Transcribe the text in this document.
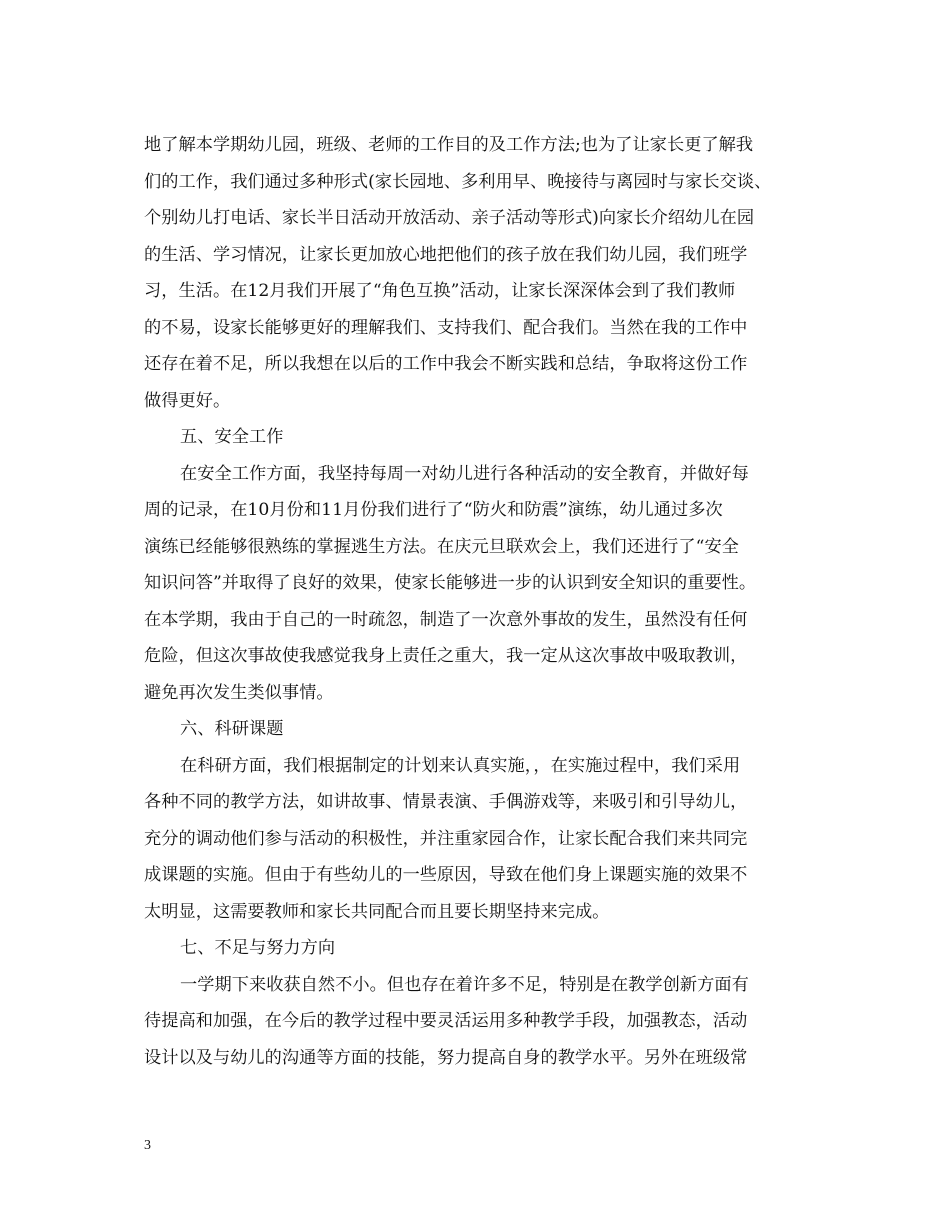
地了解本学期幼儿园，班级、老师的工作目的及工作方法;也为了让家长更了解我
们的工作，我们通过多种形式(家长园地、多利用早、晚接待与离园时与家长交谈、
个别幼儿打电话、家长半日活动开放活动、亲子活动等形式)向家长介绍幼儿在园
的生活、学习情况，让家长更加放心地把他们的孩子放在我们幼儿园，我们班学
习，生活。在12月我们开展了“角色互换”活动，让家长深深体会到了我们教师
的不易，设家长能够更好的理解我们、支持我们、配合我们。当然在我的工作中
还存在着不足，所以我想在以后的工作中我会不断实践和总结，争取将这份工作
做得更好。
五、安全工作
在安全工作方面，我坚持每周一对幼儿进行各种活动的安全教育，并做好每
周的记录，在10月份和11月份我们进行了“防火和防震”演练，幼儿通过多次
演练已经能够很熟练的掌握逃生方法。在庆元旦联欢会上，我们还进行了“安全
知识问答”并取得了良好的效果，使家长能够进一步的认识到安全知识的重要性。
在本学期，我由于自己的一时疏忽，制造了一次意外事故的发生，虽然没有任何
危险，但这次事故使我感觉我身上责任之重大，我一定从这次事故中吸取教训，
避免再次发生类似事情。
六、科研课题
在科研方面，我们根据制定的计划来认真实施，，在实施过程中，我们采用
各种不同的教学方法，如讲故事、情景表演、手偶游戏等，来吸引和引导幼儿，
充分的调动他们参与活动的积极性，并注重家园合作，让家长配合我们来共同完
成课题的实施。但由于有些幼儿的一些原因，导致在他们身上课题实施的效果不
太明显，这需要教师和家长共同配合而且要长期坚持来完成。
七、不足与努力方向
一学期下来收获自然不小。但也存在着许多不足，特别是在教学创新方面有
待提高和加强，在今后的教学过程中要灵活运用多种教学手段，加强教态，活动
设计以及与幼儿的沟通等方面的技能，努力提高自身的教学水平。另外在班级常
3
